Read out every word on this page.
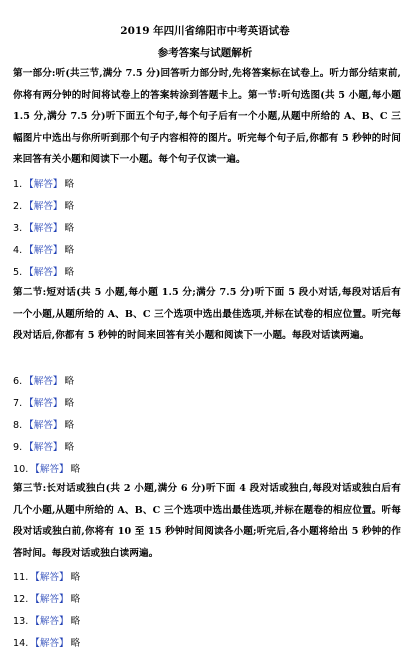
2019 年四川省绵阳市中考英语试卷
参考答案与试题解析
第一部分:听(共三节,满分 7.5 分)回答听力部分时,先将答案标在试卷上。听力部分结束前,你将有两分钟的时间将试卷上的答案转涂到答题卡上。第一节:听句选图(共 5 小题,每小题 1.5 分,满分 7.5 分)听下面五个句子,每个句子后有一个小题,从题中所给的 A、B、C 三幅图片中选出与你所听到那个句子内容相符的图片。听完每个句子后,你都有 5 秒钟的时间来回答有关小题和阅读下一小题。每个句子仅读一遍。
1. 【解答】 略
2. 【解答】 略
3. 【解答】 略
4. 【解答】 略
5. 【解答】 略
第二节:短对话(共 5 小题,每小题 1.5 分;满分 7.5 分)听下面 5 段小对话,每段对话后有一个小题,从题所给的 A、B、C 三个选项中选出最佳选项,并标在试卷的相应位置。听完每段对话后,你都有 5 秒钟的时间来回答有关小题和阅读下一小题。每段对话读两遍。
6. 【解答】 略
7. 【解答】 略
8. 【解答】 略
9. 【解答】 略
10. 【解答】 略
第三节:长对话或独白(共 2 小题,满分 6 分)听下面 4 段对话或独白,每段对话或独白后有几个小题,从题中所给的 A、B、C 三个选项中选出最佳选项,并标在题卷的相应位置。听每段对话或独白前,你将有 10 至 15 秒钟时间阅读各小题;听完后,各小题将给出 5 秒钟的作答时间。每段对话或独白读两遍。
11. 【解答】 略
12. 【解答】 略
13. 【解答】 略
14. 【解答】 略
